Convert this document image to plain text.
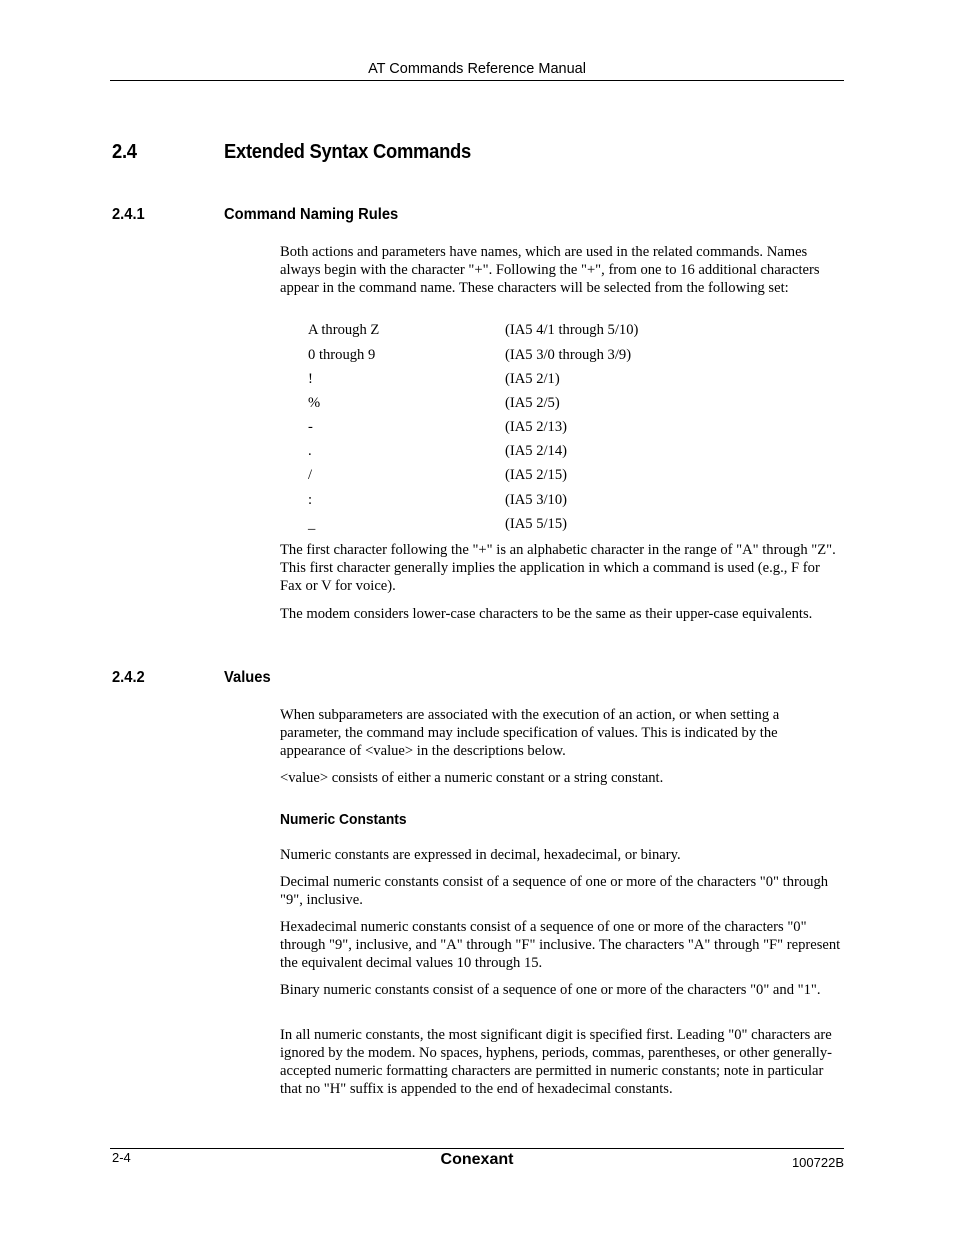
AT Commands Reference Manual
2.4	Extended Syntax Commands
2.4.1	Command Naming Rules
Both actions and parameters have names, which are used in the related commands. Names always begin with the character "+". Following the "+", from one to 16 additional characters appear in the command name. These characters will be selected from the following set:
A through Z	(IA5 4/1 through 5/10)
0 through 9	(IA5 3/0 through 3/9)
!	(IA5 2/1)
%	(IA5 2/5)
-	(IA5 2/13)
.	(IA5 2/14)
/	(IA5 2/15)
:	(IA5 3/10)
_	(IA5 5/15)
The first character following the "+" is an alphabetic character in the range of "A" through "Z". This first character generally implies the application in which a command is used (e.g., F for Fax or V for voice).
The modem considers lower-case characters to be the same as their upper-case equivalents.
2.4.2	Values
When subparameters are associated with the execution of an action, or when setting a parameter, the command may include specification of values. This is indicated by the appearance of <value> in the descriptions below.
<value> consists of either a numeric constant or a string constant.
Numeric Constants
Numeric constants are expressed in decimal, hexadecimal, or binary.
Decimal numeric constants consist of a sequence of one or more of the characters "0" through "9", inclusive.
Hexadecimal numeric constants consist of a sequence of one or more of the characters "0" through "9", inclusive, and "A" through "F" inclusive. The characters "A" through "F" represent the equivalent decimal values 10 through 15.
Binary numeric constants consist of a sequence of one or more of the characters "0" and "1".
In all numeric constants, the most significant digit is specified first. Leading "0" characters are ignored by the modem. No spaces, hyphens, periods, commas, parentheses, or other generally-accepted numeric formatting characters are permitted in numeric constants; note in particular that no "H" suffix is appended to the end of hexadecimal constants.
2-4	Conexant	100722B
